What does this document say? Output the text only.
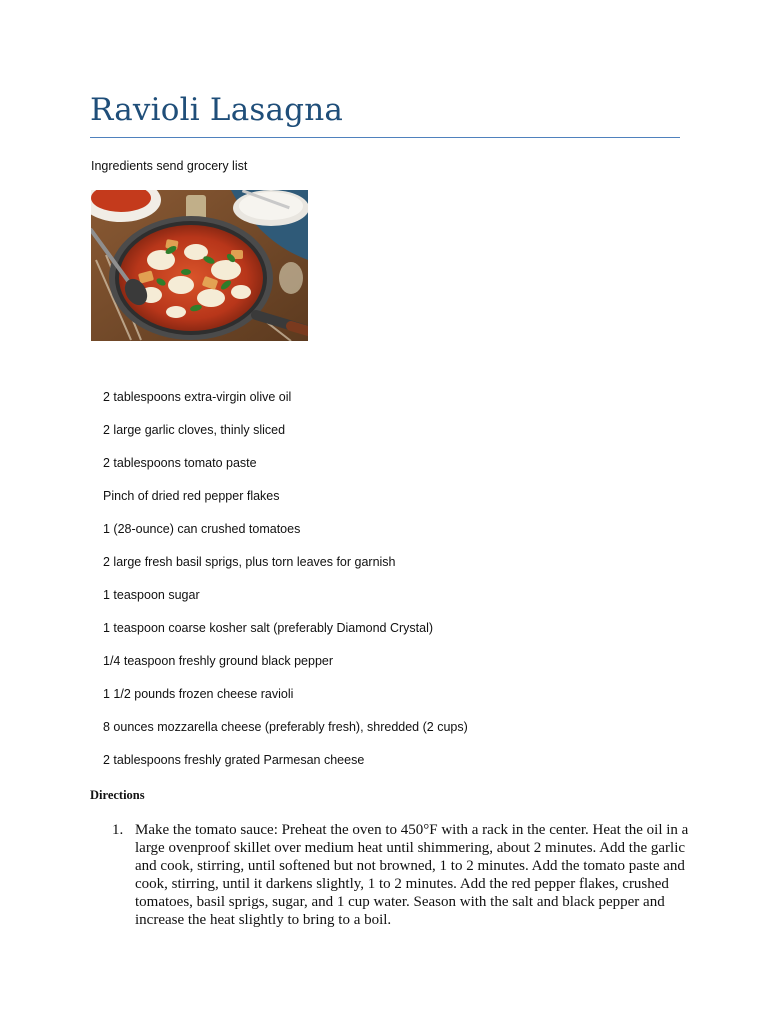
Ravioli Lasagna
Ingredients send grocery list
2 tablespoons extra-virgin olive oil
2 large garlic cloves, thinly sliced
2 tablespoons tomato paste
Pinch of dried red pepper flakes
1 (28-ounce) can crushed tomatoes
2 large fresh basil sprigs, plus torn leaves for garnish
1 teaspoon sugar
1 teaspoon coarse kosher salt (preferably Diamond Crystal)
1/4 teaspoon freshly ground black pepper
1 1/2 pounds frozen cheese ravioli
8 ounces mozzarella cheese (preferably fresh), shredded (2 cups)
2 tablespoons freshly grated Parmesan cheese
Directions
1. Make the tomato sauce: Preheat the oven to 450°F with a rack in the center. Heat the oil in a large ovenproof skillet over medium heat until shimmering, about 2 minutes. Add the garlic and cook, stirring, until softened but not browned, 1 to 2 minutes. Add the tomato paste and cook, stirring, until it darkens slightly, 1 to 2 minutes. Add the red pepper flakes, crushed tomatoes, basil sprigs, sugar, and 1 cup water. Season with the salt and black pepper and increase the heat slightly to bring to a boil.
